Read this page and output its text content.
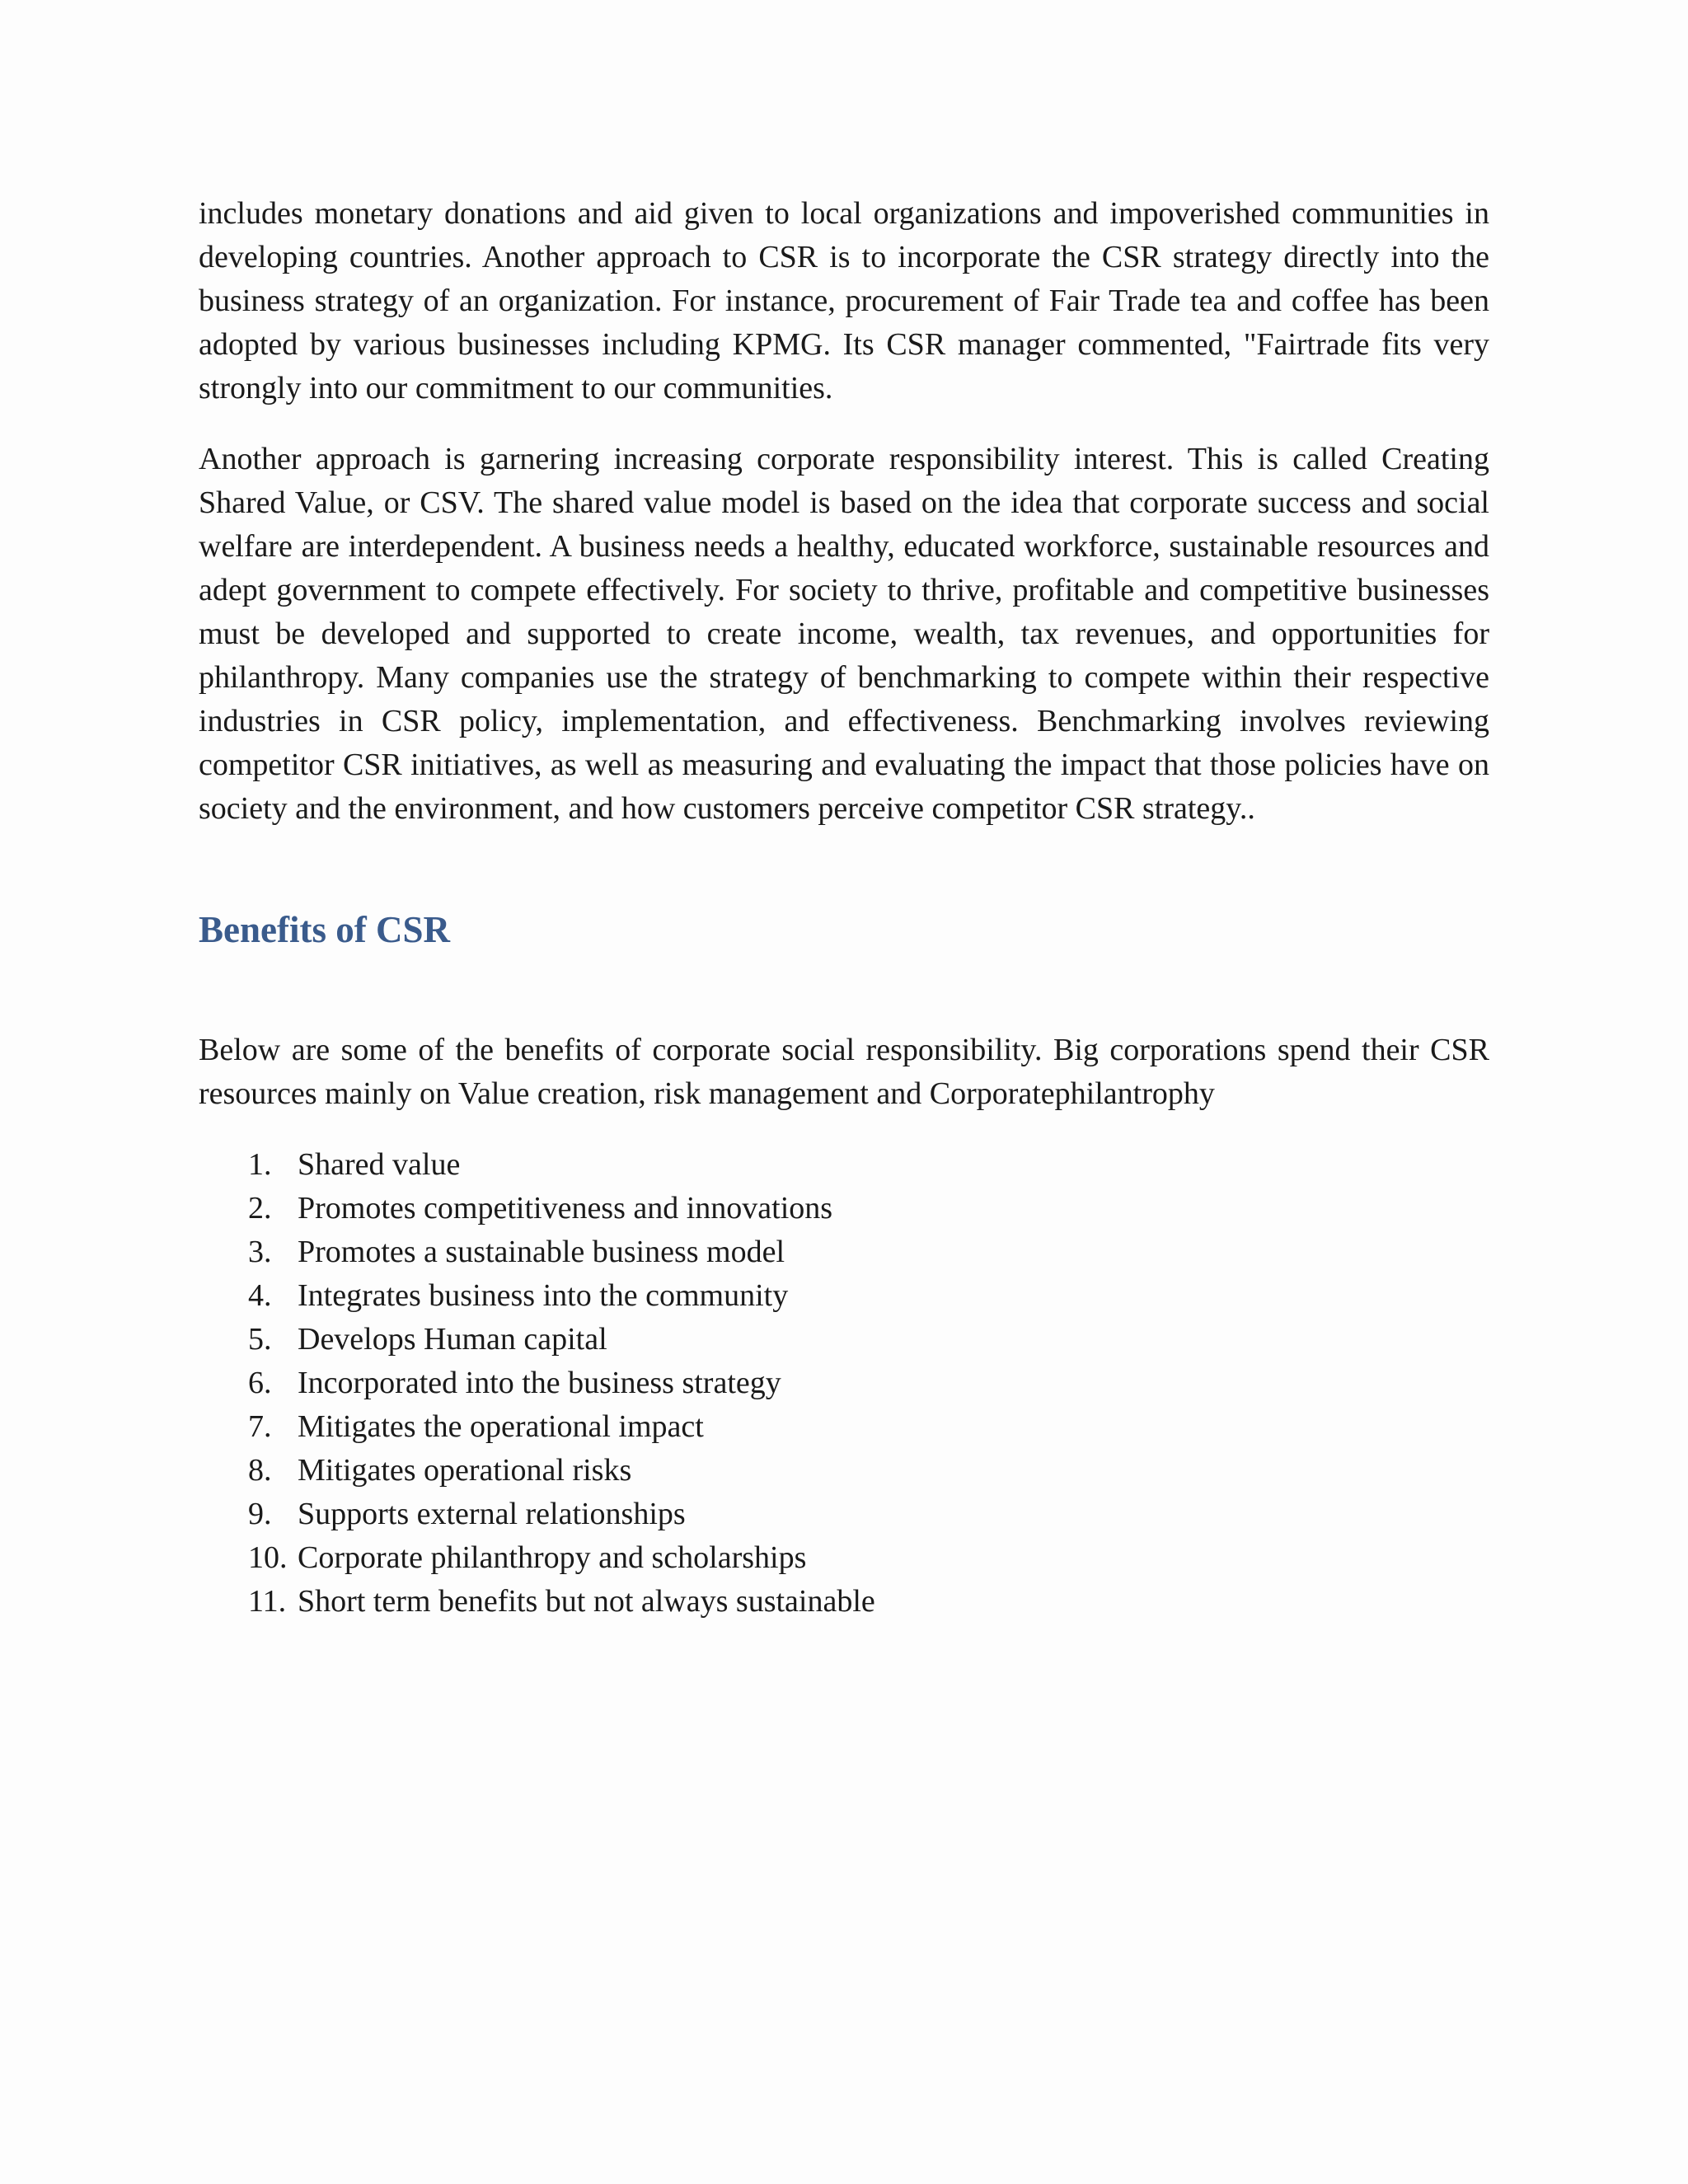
includes monetary donations and aid given to local organizations and impoverished communities in developing countries. Another approach to CSR is to incorporate the CSR strategy directly into the business strategy of an organization. For instance, procurement of Fair Trade tea and coffee has been adopted by various businesses including KPMG. Its CSR manager commented, "Fairtrade fits very strongly into our commitment to our communities.

Another approach is garnering increasing corporate responsibility interest. This is called Creating Shared Value, or CSV. The shared value model is based on the idea that corporate success and social welfare are interdependent. A business needs a healthy, educated workforce, sustainable resources and adept government to compete effectively. For society to thrive, profitable and competitive businesses must be developed and supported to create income, wealth, tax revenues, and opportunities for philanthropy. Many companies use the strategy of benchmarking to compete within their respective industries in CSR policy, implementation, and effectiveness. Benchmarking involves reviewing competitor CSR initiatives, as well as measuring and evaluating the impact that those policies have on society and the environment, and how customers perceive competitor CSR strategy..

Benefits of CSR

Below are some of the benefits of corporate social responsibility. Big corporations spend their CSR resources mainly on Value creation, risk management and Corporatephilantrophy

1. Shared value
2. Promotes competitiveness and innovations
3. Promotes a sustainable business model
4. Integrates business into the community
5. Develops Human capital
6. Incorporated into the business strategy
7. Mitigates the operational impact
8. Mitigates operational risks
9. Supports external relationships
10. Corporate philanthropy and scholarships
11. Short term benefits but not always sustainable
